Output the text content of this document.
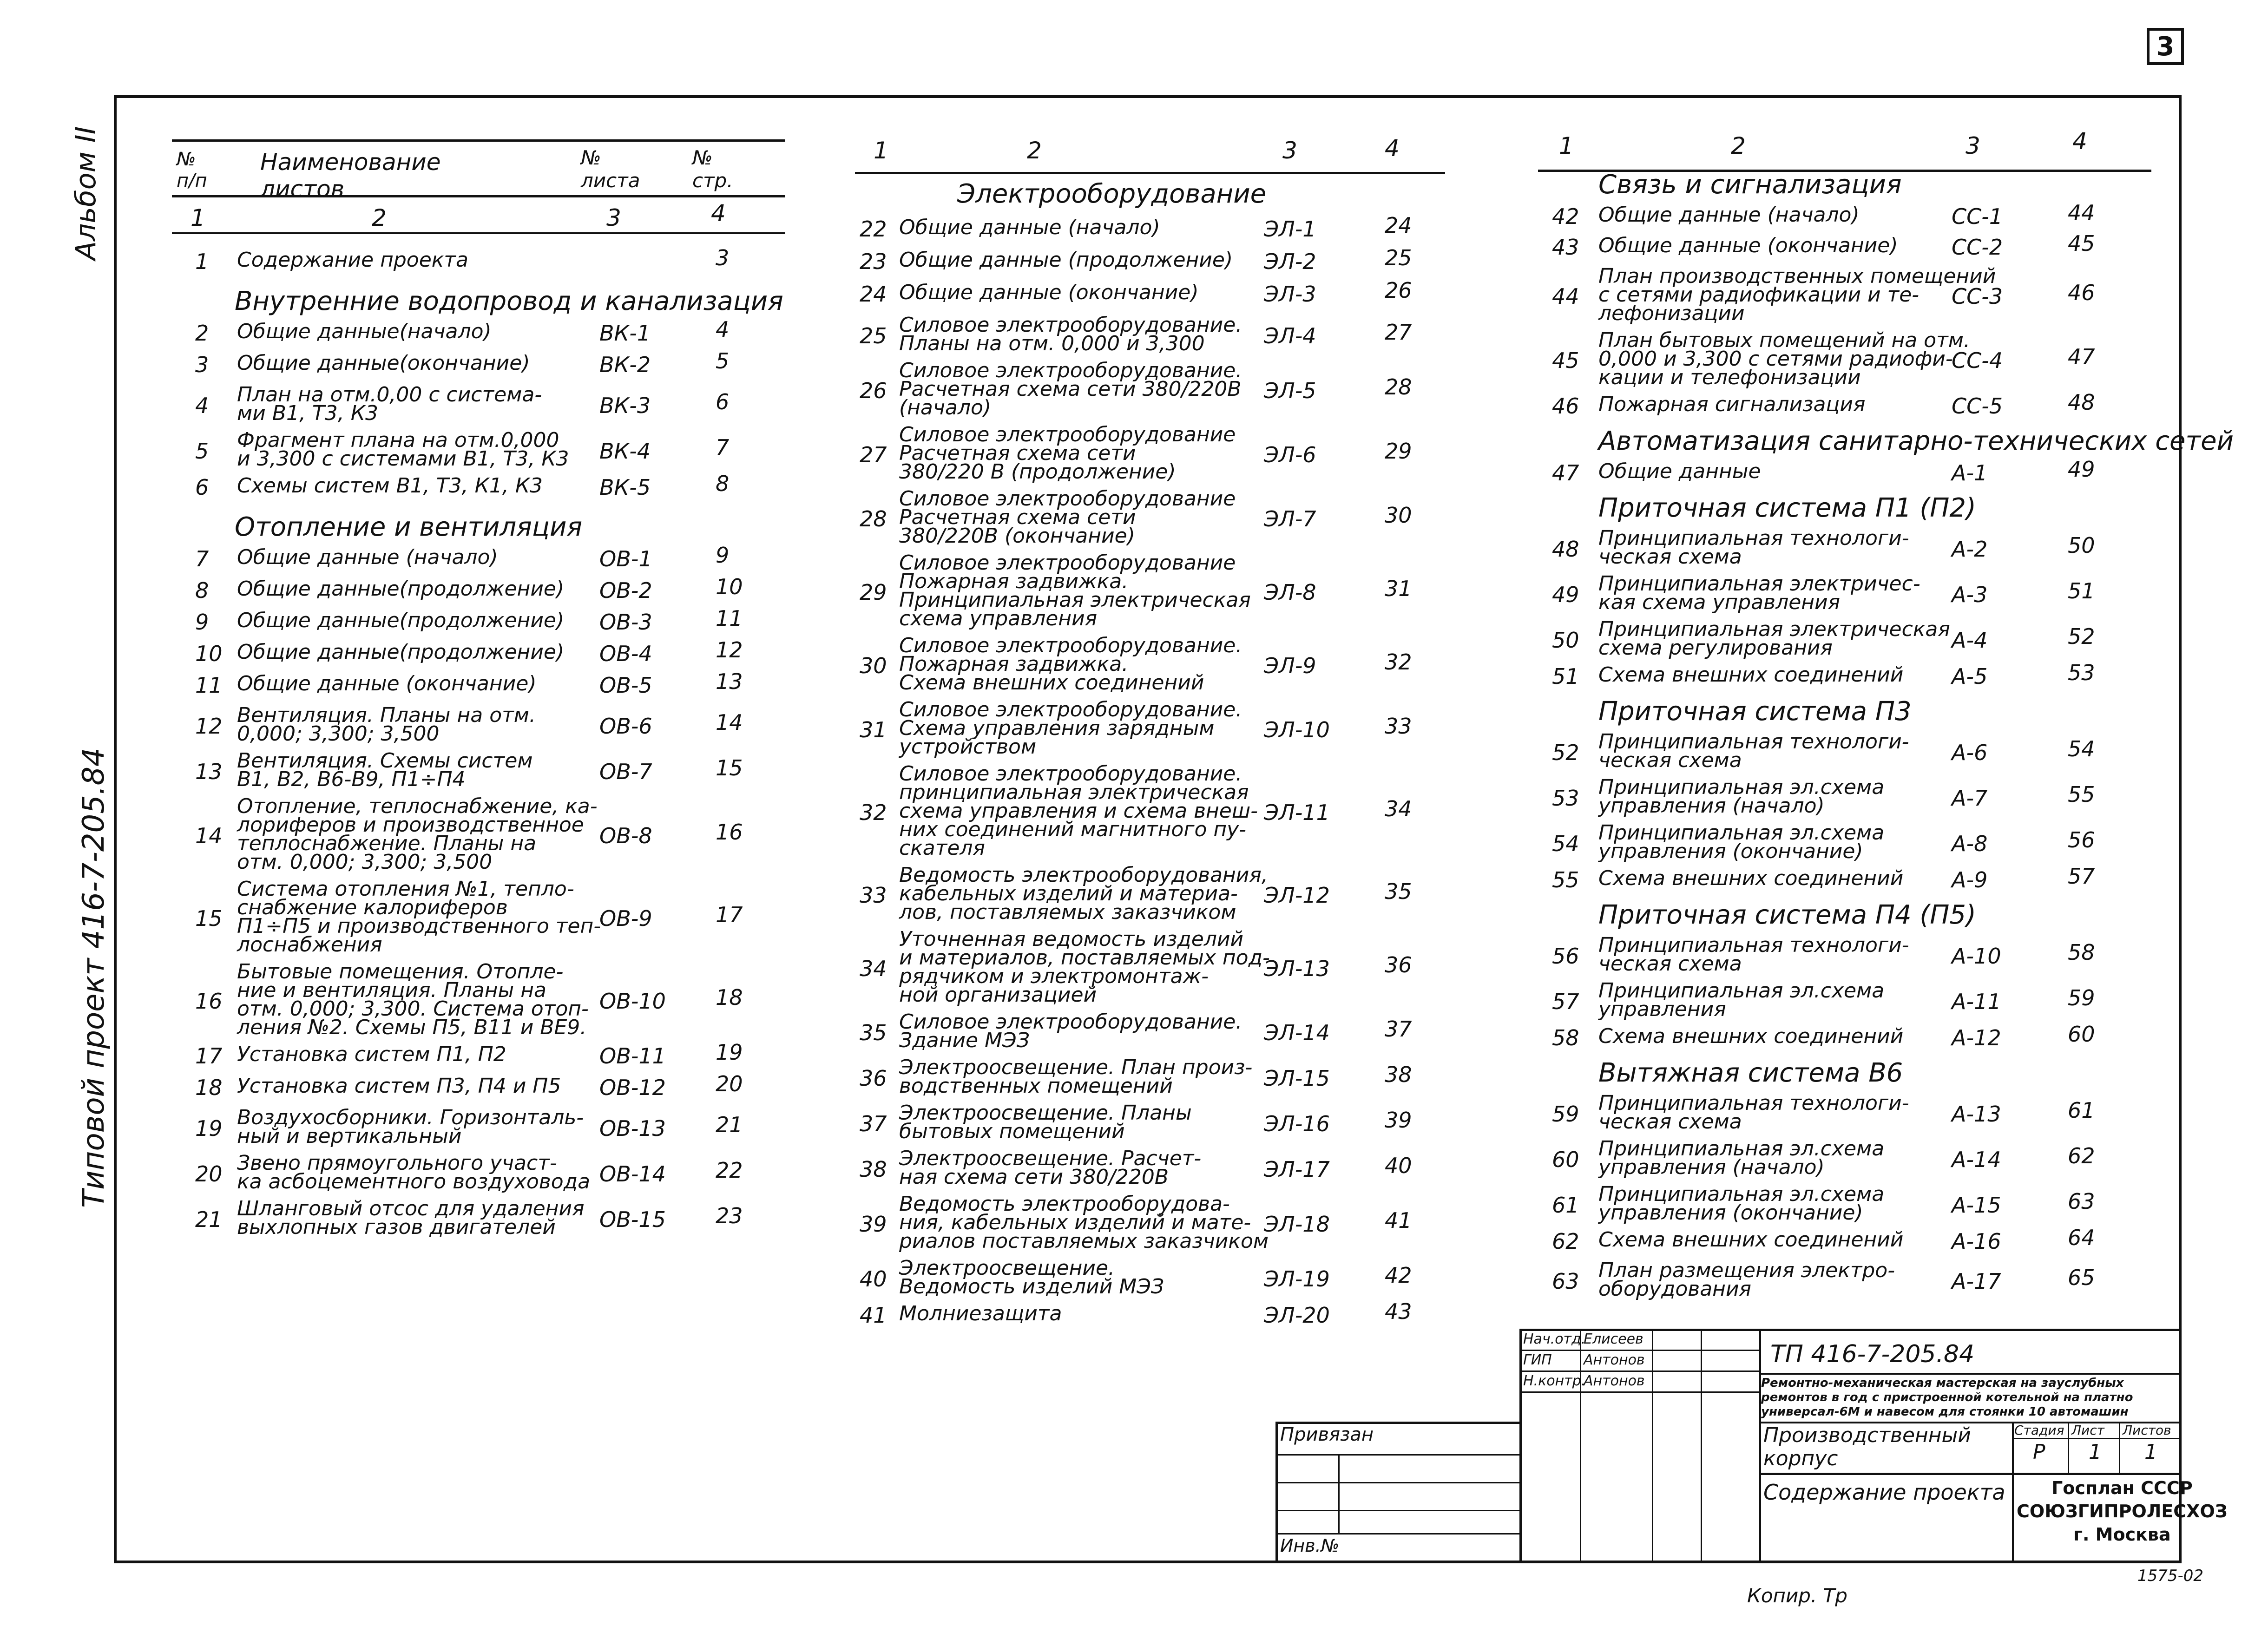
3
Альбом II
Типовой проект 416-7-205.84
№ п/п
Наименование листов
№ листа
№ стр.
1	2	3	4
1	2	3	4	1	2	3	4
1 Содержание проекта	3
Внутренние водопровод и канализация
2 Общие данные(начало)	ВК-1	4
3 Общие данные(окончание)	ВК-2	5
4 План на отм.0,00 с система-
ми В1, Т3, К3	ВК-3	6
5 Фрагмент плана на отм.0,000
и 3,300 с системами В1, Т3, К3 ВК-4	7
6 Схемы систем В1, Т3, К1, К3	ВК-5	8
Отопление и вентиляция
7 Общие данные (начало)	ОВ-1	9
8 Общие данные(продолжение) ОВ-2	10
9 Общие данные(продолжение) ОВ-3	11
10 Общие данные(продолжение) ОВ-4	12
11 Общие данные (окончание)	ОВ-5	13
12 Вентиляция. Планы на отм.
0,000; 3,300; 3,500	ОВ-6	14
13 Вентиляция. Схемы систем
В1, В2, В6-В9, П1÷П4	ОВ-7	15
14
Отопление, теплоснабжение, ка-
лориферов и производственное
теплоснабжение. Планы на
отм. 0,000; 3,300; 3,500
ОВ-8	16
15
Система отопления №1, тепло-
снабжение калориферов
П1÷П5 и производственного теп-
лоснабжения
ОВ-9	17
16
Бытовые помещения. Отопле-
ние и вентиляция. Планы на
отм. 0,000; 3,300. Система отоп-
ления №2. Схемы П5, В11 и ВЕ9.
ОВ-10 18
17 Установка систем П1, П2	ОВ-11 19
18 Установка систем П3, П4 и П5 ОВ-12 20
19 Воздухосборники. Горизонталь-
ный и вертикальный	ОВ-13 21
20 Звено прямоугольного участ-
ка асбоцементного воздуховода ОВ-14 22
21 Шланговый отсос для удаления
выхлопных газов двигателей	ОВ-15 23
Электрооборудование
22 Общие данные (начало)	ЭЛ-1	24
23 Общие данные (продолжение) ЭЛ-2	25
24 Общие данные (окончание)	ЭЛ-3	26
25 Силовое электрооборудование.
Планы на отм. 0,000 и 3,300	ЭЛ-4	27
26
Силовое электрооборудование.
Расчетная схема сети 380/220В
(начало)
ЭЛ-5	28
27
Силовое электрооборудование
Расчетная схема сети
380/220 В (продолжение)
ЭЛ-6	29
28
Силовое электрооборудование
Расчетная схема сети
380/220В (окончание)
ЭЛ-7	30
29
Силовое электрооборудование
Пожарная задвижка.
Принципиальная электрическая
схема управления
ЭЛ-8	31
30
Силовое электрооборудование.
Пожарная задвижка.
Схема внешних соединений
ЭЛ-9	32
31
Силовое электрооборудование.
Схема управления зарядным
устройством
ЭЛ-10	33
32
Силовое электрооборудование.
принципиальная электрическая
схема управления и схема внеш-
них соединений магнитного пу-
скателя
ЭЛ-11	34
33
Ведомость электрооборудования,
кабельных изделий и материа-
лов, поставляемых заказчиком
ЭЛ-12	35
34
Уточненная ведомость изделий
и материалов, поставляемых под-
рядчиком и электромонтаж-
ной организацией
ЭЛ-13	36
35 Силовое электрооборудование.
Здание МЭЗ	ЭЛ-14	37
36 Электроосвещение. План произ-
водственных помещений	ЭЛ-15	38
37 Электроосвещение. Планы
бытовых помещений	ЭЛ-16	39
38 Электроосвещение. Расчет-
ная схема сети 380/220В	ЭЛ-17	40
39
Ведомость электрооборудова-
ния, кабельных изделий и мате-
риалов поставляемых заказчиком
ЭЛ-18	41
40 Электроосвещение.
Ведомость изделий МЭЗ	ЭЛ-19	42
41 Молниезащита	ЭЛ-20	43
Связь и сигнализация
42 Общие данные (начало)	СС-1	44
43 Общие данные (окончание)	СС-2	45
44
План производственных помещений
с сетями радиофикации и те-
лефонизации
СС-3	46
45
План бытовых помещений на отм.
0,000 и 3,300 с сетями радиофи-
кации и телефонизации
СС-4	47
46 Пожарная сигнализация	СС-5	48
Автоматизация санитарно-технических сетей
47 Общие данные	А-1	49
Приточная система П1 (П2)
48 Принципиальная технологи-
ческая схема	А-2	50
49 Принципиальная электричес-
кая схема управления	А-3	51
50 Принципиальная электрическая
схема регулирования	А-4	52
51 Схема внешних соединений А-5	53
Приточная система П3
52 Принципиальная технологи-
ческая схема	А-6	54
53 Принципиальная эл.схема
управления (начало)	А-7	55
54 Принципиальная эл.схема
управления (окончание)	А-8	56
55 Схема внешних соединений А-9	57
Приточная система П4 (П5)
56 Принципиальная технологи-
ческая схема	А-10	58
57 Принципиальная эл.схема
управления	А-11	59
58 Схема внешних соединений А-12	60
Вытяжная система В6
59 Принципиальная технологи-
ческая схема	А-13	61
60 Принципиальная эл.схема
управления (начало)	А-14	62
61 Принципиальная эл.схема
управления (окончание)	А-15	63
62 Схема внешних соединений А-16	64
63 План размещения электро-
оборудования	А-17	65
Привязан
Инв.№
Нач.отд.
Елисеев
ГИП Антонов
Н.контр.
Антонов
ТП 416-7-205.84
Ремонтно-механическая мастерская на зауслубных
ремонтов в год с пристроенной котельной на платно
универсал-6М и навесом для стоянки 10 автомашин
Производственный
корпус
Стадия Лист Листов
Р 1 1
Содержание проекта	Госплан СССР
СОЮЗГИПРОЛЕСХОЗ
г. Москва
1575-02
Копир. Тр
